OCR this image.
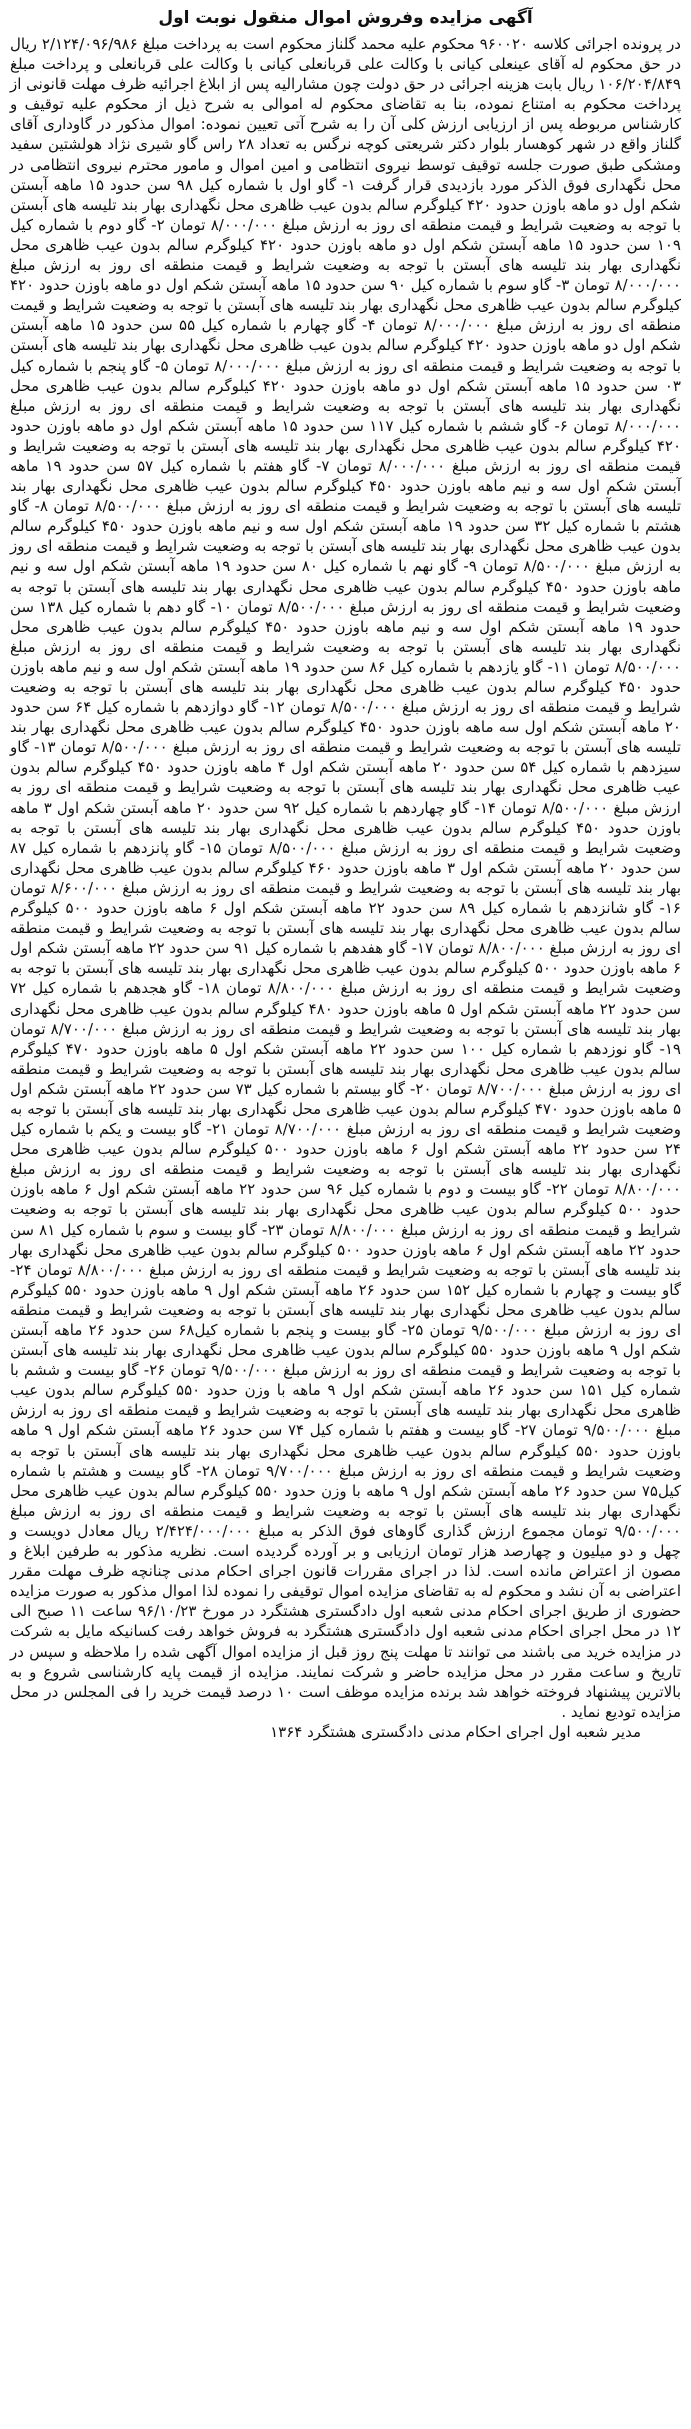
آگهی مزایده وفروش اموال منقول نوبت اول

در پرونده اجرائی کلاسه ۹۶۰۰۲۰ محکوم علیه محمد گلناز محکوم است به پرداخت مبلغ ۲/۱۲۴/۰۹۶/۹۸۶ ریال در حق محکوم له آقای عینعلی کیانی با وکالت علی قربانعلی کیانی با وکالت علی قربانعلی و پرداخت مبلغ ۱۰۶/۲۰۴/۸۴۹ ریال بابت هزینه اجرائی در حق دولت چون مشارالیه پس از ابلاغ اجرائیه ظرف مهلت قانونی از پرداخت محکوم به امتناع نموده، بنا به تقاضای محکوم له اموالی به شرح ذیل از محکوم علیه توقیف و کارشناس مربوطه پس از ارزیابی ارزش کلی آن را به شرح آتی تعیین نموده: اموال مذکور در گاوداری آقای گلناز واقع در شهر کوهسار بلوار دکتر شریعتی کوچه نرگس به تعداد ۲۸ راس گاو شیری نژاد هولشتین سفید ومشکی طبق صورت جلسه توقیف توسط نیروی انتظامی و امین اموال و مامور محترم نیروی انتظامی در محل نگهداری فوق الذکر مورد بازدیدی قرار گرفت ۱- گاو اول با شماره کیل ۹۸ سن حدود ۱۵ ماهه آبستن شکم اول دو ماهه باوزن حدود ۴۲۰ کیلوگرم سالم بدون عیب ظاهری محل نگهداری بهار بند تلیسه های آبستن با توجه به وضعیت شرایط و قیمت منطقه ای روز به ارزش مبلغ ۸/۰۰۰/۰۰۰ تومان ۲- گاو دوم با شماره کیل ۱۰۹ سن حدود ۱۵ ماهه آبستن شکم اول دو ماهه باوزن حدود ۴۲۰ کیلوگرم سالم بدون عیب ظاهری محل نگهداری بهار بند تلیسه های آبستن با توجه به وضعیت شرایط و قیمت منطقه ای روز به ارزش مبلغ ۸/۰۰۰/۰۰۰ تومان ۳- گاو سوم با شماره کیل ۹۰ سن حدود ۱۵ ماهه آبستن شکم اول دو ماهه باوزن حدود ۴۲۰ کیلوگرم سالم بدون عیب ظاهری محل نگهداری بهار بند تلیسه های آبستن با توجه به وضعیت شرایط و قیمت منطقه ای روز به ارزش مبلغ ۸/۰۰۰/۰۰۰ تومان ۴- گاو چهارم با شماره کیل ۵۵ سن حدود ۱۵ ماهه آبستن شکم اول دو ماهه باوزن حدود ۴۲۰ کیلوگرم سالم بدون عیب ظاهری محل نگهداری بهار بند تلیسه های آبستن با توجه به وضعیت شرایط و قیمت منطقه ای روز به ارزش مبلغ ۸/۰۰۰/۰۰۰ تومان ۵- گاو پنجم با شماره کیل ۰۳ سن حدود ۱۵ ماهه آبستن شکم اول دو ماهه باوزن حدود ۴۲۰ کیلوگرم سالم بدون عیب ظاهری محل نگهداری بهار بند تلیسه های آبستن با توجه به وضعیت شرایط و قیمت منطقه ای روز به ارزش مبلغ ۸/۰۰۰/۰۰۰ تومان ۶- گاو ششم با شماره کیل ۱۱۷ سن حدود ۱۵ ماهه آبستن شکم اول دو ماهه باوزن حدود ۴۲۰ کیلوگرم سالم بدون عیب ظاهری محل نگهداری بهار بند تلیسه های آبستن با توجه به وضعیت شرایط و قیمت منطقه ای روز به ارزش مبلغ ۸/۰۰۰/۰۰۰ تومان ۷- گاو هفتم با شماره کیل ۵۷ سن حدود ۱۹ ماهه آبستن شکم اول سه و نیم ماهه باوزن حدود ۴۵۰ کیلوگرم سالم بدون عیب ظاهری محل نگهداری بهار بند تلیسه های آبستن با توجه به وضعیت شرایط و قیمت منطقه ای روز به ارزش مبلغ ۸/۵۰۰/۰۰۰ تومان ۸- گاو هشتم با شماره کیل ۳۲ سن حدود ۱۹ ماهه آبستن شکم اول سه و نیم ماهه باوزن حدود ۴۵۰ کیلوگرم سالم بدون عیب ظاهری محل نگهداری بهار بند تلیسه های آبستن با توجه به وضعیت شرایط و قیمت منطقه ای روز به ارزش مبلغ ۸/۵۰۰/۰۰۰ تومان ۹- گاو نهم با شماره کیل ۸۰ سن حدود ۱۹ ماهه آبستن شکم اول سه و نیم ماهه باوزن حدود ۴۵۰ کیلوگرم سالم بدون عیب ظاهری محل نگهداری بهار بند تلیسه های آبستن با توجه به وضعیت شرایط و قیمت منطقه ای روز به ارزش مبلغ ۸/۵۰۰/۰۰۰ تومان ۱۰- گاو دهم با شماره کیل ۱۳۸ سن حدود ۱۹ ماهه آبستن شکم اول سه و نیم ماهه باوزن حدود ۴۵۰ کیلوگرم سالم بدون عیب ظاهری محل نگهداری بهار بند تلیسه های آبستن با توجه به وضعیت شرایط و قیمت منطقه ای روز به ارزش مبلغ ۸/۵۰۰/۰۰۰ تومان ۱۱- گاو یازدهم با شماره کیل ۸۶ سن حدود ۱۹ ماهه آبستن شکم اول سه و نیم ماهه باوزن حدود ۴۵۰ کیلوگرم سالم بدون عیب ظاهری محل نگهداری بهار بند تلیسه های آبستن با توجه به وضعیت شرایط و قیمت منطقه ای روز به ارزش مبلغ ۸/۵۰۰/۰۰۰ تومان ۱۲- گاو دوازدهم با شماره کیل ۶۴ سن حدود ۲۰ ماهه آبستن شکم اول سه ماهه باوزن حدود ۴۵۰ کیلوگرم سالم بدون عیب ظاهری محل نگهداری بهار بند تلیسه های آبستن با توجه به وضعیت شرایط و قیمت منطقه ای روز به ارزش مبلغ ۸/۵۰۰/۰۰۰ تومان ۱۳- گاو سیزدهم با شماره کیل ۵۴ سن حدود ۲۰ ماهه آبستن شکم اول ۴ ماهه باوزن حدود ۴۵۰ کیلوگرم سالم بدون عیب ظاهری محل نگهداری بهار بند تلیسه های آبستن با توجه به وضعیت شرایط و قیمت منطقه ای روز به ارزش مبلغ ۸/۵۰۰/۰۰۰ تومان ۱۴- گاو چهاردهم با شماره کیل ۹۲ سن حدود ۲۰ ماهه آبستن شکم اول ۳ ماهه باوزن حدود ۴۵۰ کیلوگرم سالم بدون عیب ظاهری محل نگهداری بهار بند تلیسه های آبستن با توجه به وضعیت شرایط و قیمت منطقه ای روز به ارزش مبلغ ۸/۵۰۰/۰۰۰ تومان ۱۵- گاو پانزدهم با شماره کیل ۸۷ سن حدود ۲۰ ماهه آبستن شکم اول ۳ ماهه باوزن حدود ۴۶۰ کیلوگرم سالم بدون عیب ظاهری محل نگهداری بهار بند تلیسه های آبستن با توجه به وضعیت شرایط و قیمت منطقه ای روز به ارزش مبلغ ۸/۶۰۰/۰۰۰ تومان ۱۶- گاو شانزدهم با شماره کیل ۸۹ سن حدود ۲۲ ماهه آبستن شکم اول ۶ ماهه باوزن حدود ۵۰۰ کیلوگرم سالم بدون عیب ظاهری محل نگهداری بهار بند تلیسه های آبستن با توجه به وضعیت شرایط و قیمت منطقه ای روز به ارزش مبلغ ۸/۸۰۰/۰۰۰ تومان ۱۷- گاو هفدهم با شماره کیل ۹۱ سن حدود ۲۲ ماهه آبستن شکم اول ۶ ماهه باوزن حدود ۵۰۰ کیلوگرم سالم بدون عیب ظاهری محل نگهداری بهار بند تلیسه های آبستن با توجه به وضعیت شرایط و قیمت منطقه ای روز به ارزش مبلغ ۸/۸۰۰/۰۰۰ تومان ۱۸- گاو هجدهم با شماره کیل ۷۲ سن حدود ۲۲ ماهه آبستن شکم اول ۵ ماهه باوزن حدود ۴۸۰ کیلوگرم سالم بدون عیب ظاهری محل نگهداری بهار بند تلیسه های آبستن با توجه به وضعیت شرایط و قیمت منطقه ای روز به ارزش مبلغ ۸/۷۰۰/۰۰۰ تومان ۱۹- گاو نوزدهم با شماره کیل ۱۰۰ سن حدود ۲۲ ماهه آبستن شکم اول ۵ ماهه باوزن حدود ۴۷۰ کیلوگرم سالم بدون عیب ظاهری محل نگهداری بهار بند تلیسه های آبستن با توجه به وضعیت شرایط و قیمت منطقه ای روز به ارزش مبلغ ۸/۷۰۰/۰۰۰ تومان ۲۰- گاو بیستم با شماره کیل ۷۳ سن حدود ۲۲ ماهه آبستن شکم اول ۵ ماهه باوزن حدود ۴۷۰ کیلوگرم سالم بدون عیب ظاهری محل نگهداری بهار بند تلیسه های آبستن با توجه به وضعیت شرایط و قیمت منطقه ای روز به ارزش مبلغ ۸/۷۰۰/۰۰۰ تومان ۲۱- گاو بیست و یکم با شماره کیل ۲۴ سن حدود ۲۲ ماهه آبستن شکم اول ۶ ماهه باوزن حدود ۵۰۰ کیلوگرم سالم بدون عیب ظاهری محل نگهداری بهار بند تلیسه های آبستن با توجه به وضعیت شرایط و قیمت منطقه ای روز به ارزش مبلغ ۸/۸۰۰/۰۰۰ تومان ۲۲- گاو بیست و دوم با شماره کیل ۹۶ سن حدود ۲۲ ماهه آبستن شکم اول ۶ ماهه باوزن حدود ۵۰۰ کیلوگرم سالم بدون عیب ظاهری محل نگهداری بهار بند تلیسه های آبستن با توجه به وضعیت شرایط و قیمت منطقه ای روز به ارزش مبلغ ۸/۸۰۰/۰۰۰ تومان ۲۳- گاو بیست و سوم با شماره کیل ۸۱ سن حدود ۲۲ ماهه آبستن شکم اول ۶ ماهه باوزن حدود ۵۰۰ کیلوگرم سالم بدون عیب ظاهری محل نگهداری بهار بند تلیسه های آبستن با توجه به وضعیت شرایط و قیمت منطقه ای روز به ارزش مبلغ ۸/۸۰۰/۰۰۰ تومان ۲۴- گاو بیست و چهارم با شماره کیل ۱۵۲ سن حدود ۲۶ ماهه آبستن شکم اول ۹ ماهه باوزن حدود ۵۵۰ کیلوگرم سالم بدون عیب ظاهری محل نگهداری بهار بند تلیسه های آبستن با توجه به وضعیت شرایط و قیمت منطقه ای روز به ارزش مبلغ ۹/۵۰۰/۰۰۰ تومان ۲۵- گاو بیست و پنجم با شماره کیل۶۸ سن حدود ۲۶ ماهه آبستن شکم اول ۹ ماهه باوزن حدود ۵۵۰ کیلوگرم سالم بدون عیب ظاهری محل نگهداری بهار بند تلیسه های آبستن با توجه به وضعیت شرایط و قیمت منطقه ای روز به ارزش مبلغ ۹/۵۰۰/۰۰۰ تومان ۲۶- گاو بیست و ششم با شماره کیل ۱۵۱ سن حدود ۲۶ ماهه آبستن شکم اول ۹ ماهه با وزن حدود ۵۵۰ کیلوگرم سالم بدون عیب ظاهری محل نگهداری بهار بند تلیسه های آبستن با توجه به وضعیت شرایط و قیمت منطقه ای روز به ارزش مبلغ ۹/۵۰۰/۰۰۰ تومان ۲۷- گاو بیست و هفتم با شماره کیل ۷۴ سن حدود ۲۶ ماهه آبستن شکم اول ۹ ماهه باوزن حدود ۵۵۰ کیلوگرم سالم بدون عیب ظاهری محل نگهداری بهار بند تلیسه های آبستن با توجه به وضعیت شرایط و قیمت منطقه ای روز به ارزش مبلغ ۹/۷۰۰/۰۰۰ تومان ۲۸- گاو بیست و هشتم با شماره کیل۷۵ سن حدود ۲۶ ماهه آبستن شکم اول ۹ ماهه با وزن حدود ۵۵۰ کیلوگرم سالم بدون عیب ظاهری محل نگهداری بهار بند تلیسه های آبستن با توجه به وضعیت شرایط و قیمت منطقه ای روز به ارزش مبلغ ۹/۵۰۰/۰۰۰ تومان مجموع ارزش گذاری گاوهای فوق الذکر به مبلغ ۲/۴۲۴/۰۰۰/۰۰۰ ریال معادل دویست و چهل و دو میلیون و چهارصد هزار تومان ارزیابی و بر آورده گردیده است. نظریه مذکور به طرفین ابلاغ و مصون از اعتراض مانده است. لذا در اجرای مقررات قانون اجرای احکام مدنی چنانچه ظرف مهلت مقرر اعتراضی به آن نشد و محکوم له به تقاضای مزایده اموال توقیفی را نموده لذا اموال مذکور به صورت مزایده حضوری از طریق اجرای احکام مدنی شعبه اول دادگستری هشتگرد در مورخ ۹۶/۱۰/۲۳ ساعت ۱۱ صبح الی ۱۲ در محل اجرای احکام مدنی شعبه اول دادگستری هشتگرد به فروش خواهد رفت کسانیکه مایل به شرکت در مزایده خرید می باشند می توانند تا مهلت پنج روز قبل از مزایده اموال آگهی شده را ملاحظه و سپس در تاریخ و ساعت مقرر در محل مزایده حاضر و شرکت نمایند. مزایده از قیمت پایه کارشناسی شروع و به بالاترین پیشنهاد فروخته خواهد شد برنده مزایده موظف است ۱۰ درصد قیمت خرید را فی المجلس در محل مزایده تودیع نماید .

مدیر شعبه اول اجرای احکام مدنی دادگستری هشتگرد ۱۳۶۴
